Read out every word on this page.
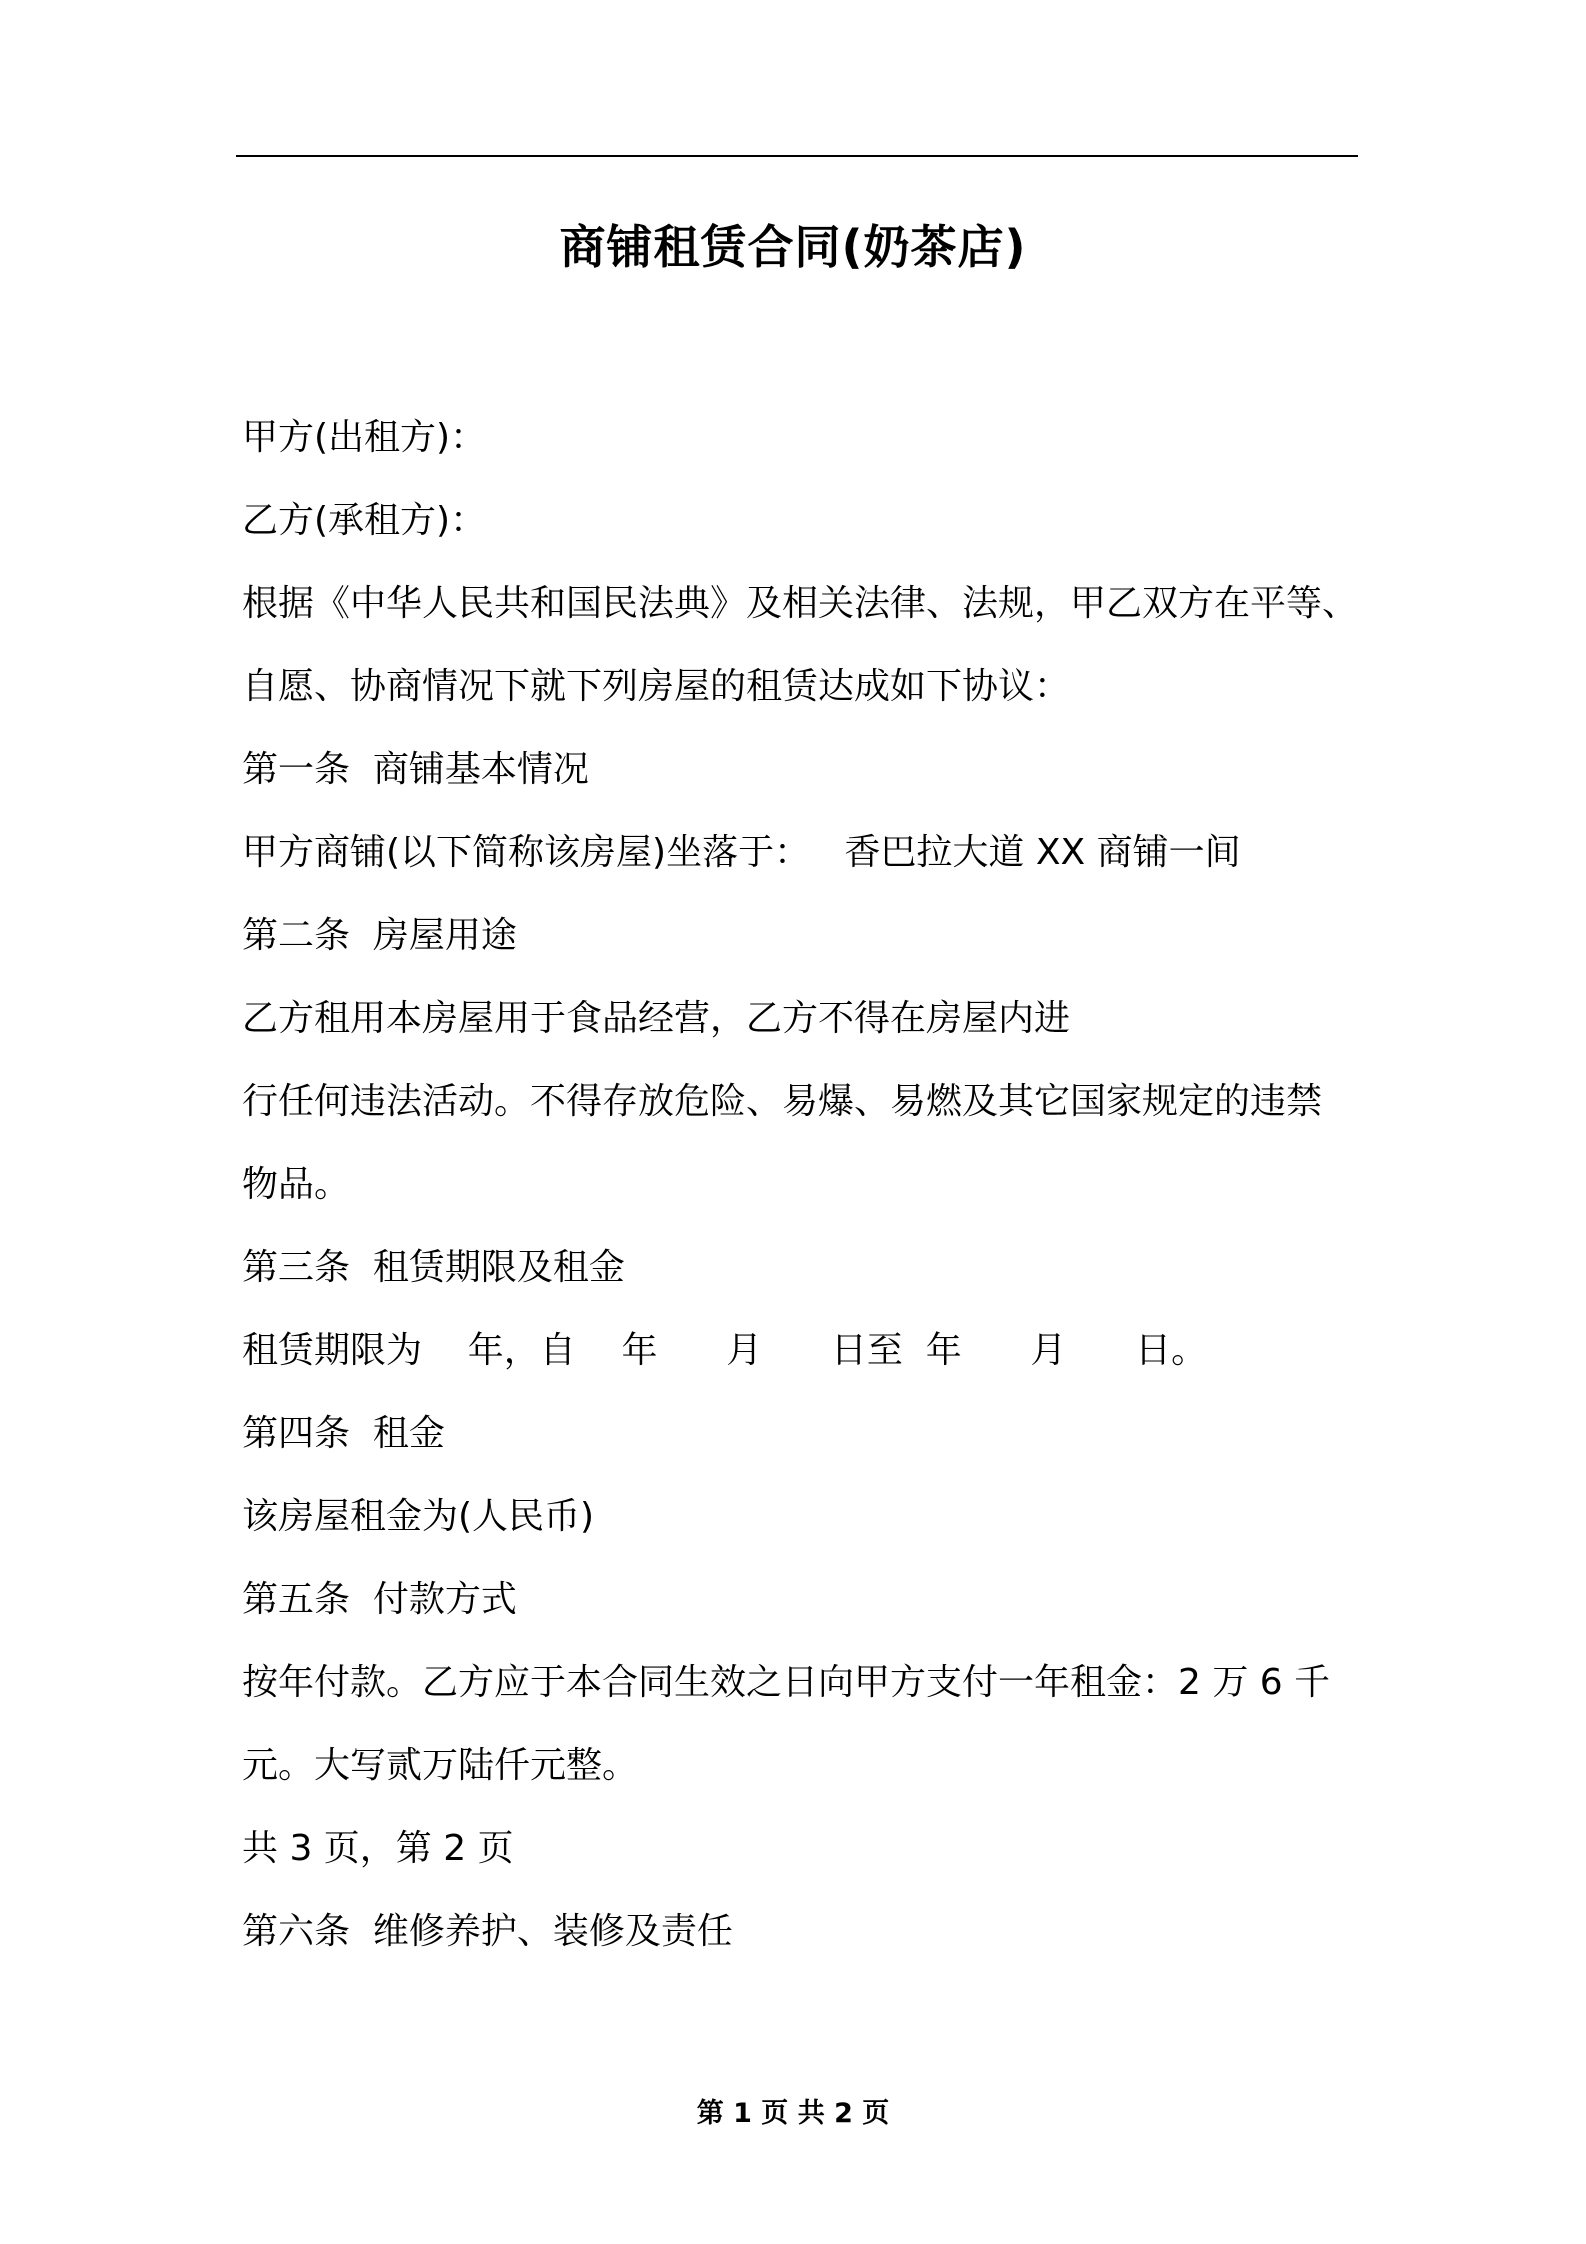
商铺租赁合同(奶茶店)
甲方(出租方)：
乙方(承租方)：
根据《中华人民共和国民法典》及相关法律、法规，甲乙双方在平等、
自愿、协商情况下就下列房屋的租赁达成如下协议：
第一条  商铺基本情况
甲方商铺(以下简称该房屋)坐落于：   香巴拉大道 XX 商铺一间
第二条  房屋用途
乙方租用本房屋用于食品经营，乙方不得在房屋内进
行任何违法活动。不得存放危险、易爆、易燃及其它国家规定的违禁
物品。
第三条  租赁期限及租金
租赁期限为    年，自    年      月      日至  年      月      日。
第四条  租金
该房屋租金为(人民币)
第五条  付款方式
按年付款。乙方应于本合同生效之日向甲方支付一年租金：2 万 6 千
元。大写贰万陆仟元整。
共 3 页，第 2 页
第六条  维修养护、装修及责任
第 1 页 共 2 页
